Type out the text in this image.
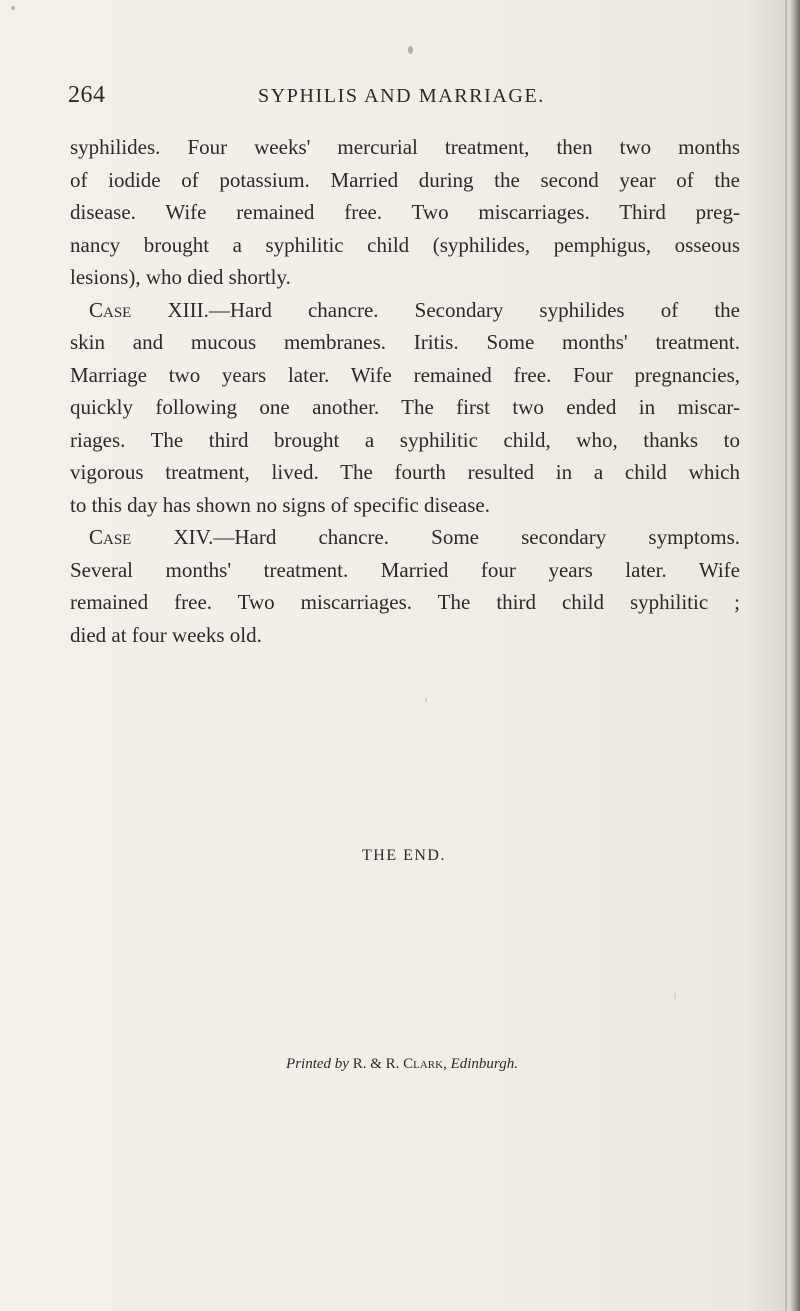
264	SYPHILIS AND MARRIAGE.
syphilides. Four weeks' mercurial treatment, then two months
of iodide of potassium. Married during the second year of the
disease. Wife remained free. Two miscarriages. Third preg-
nancy brought a syphilitic child (syphilides, pemphigus, osseous
lesions), who died shortly.
Case XIII.—Hard chancre. Secondary syphilides of the
skin and mucous membranes. Iritis. Some months' treatment.
Marriage two years later. Wife remained free. Four pregnancies,
quickly following one another. The first two ended in miscar-
riages. The third brought a syphilitic child, who, thanks to
vigorous treatment, lived. The fourth resulted in a child which
to this day has shown no signs of specific disease.
Case XIV.—Hard chancre. Some secondary symptoms.
Several months' treatment. Married four years later. Wife
remained free. Two miscarriages. The third child syphilitic ;
died at four weeks old.
THE END.
Printed by R. & R. Clark, Edinburgh.
